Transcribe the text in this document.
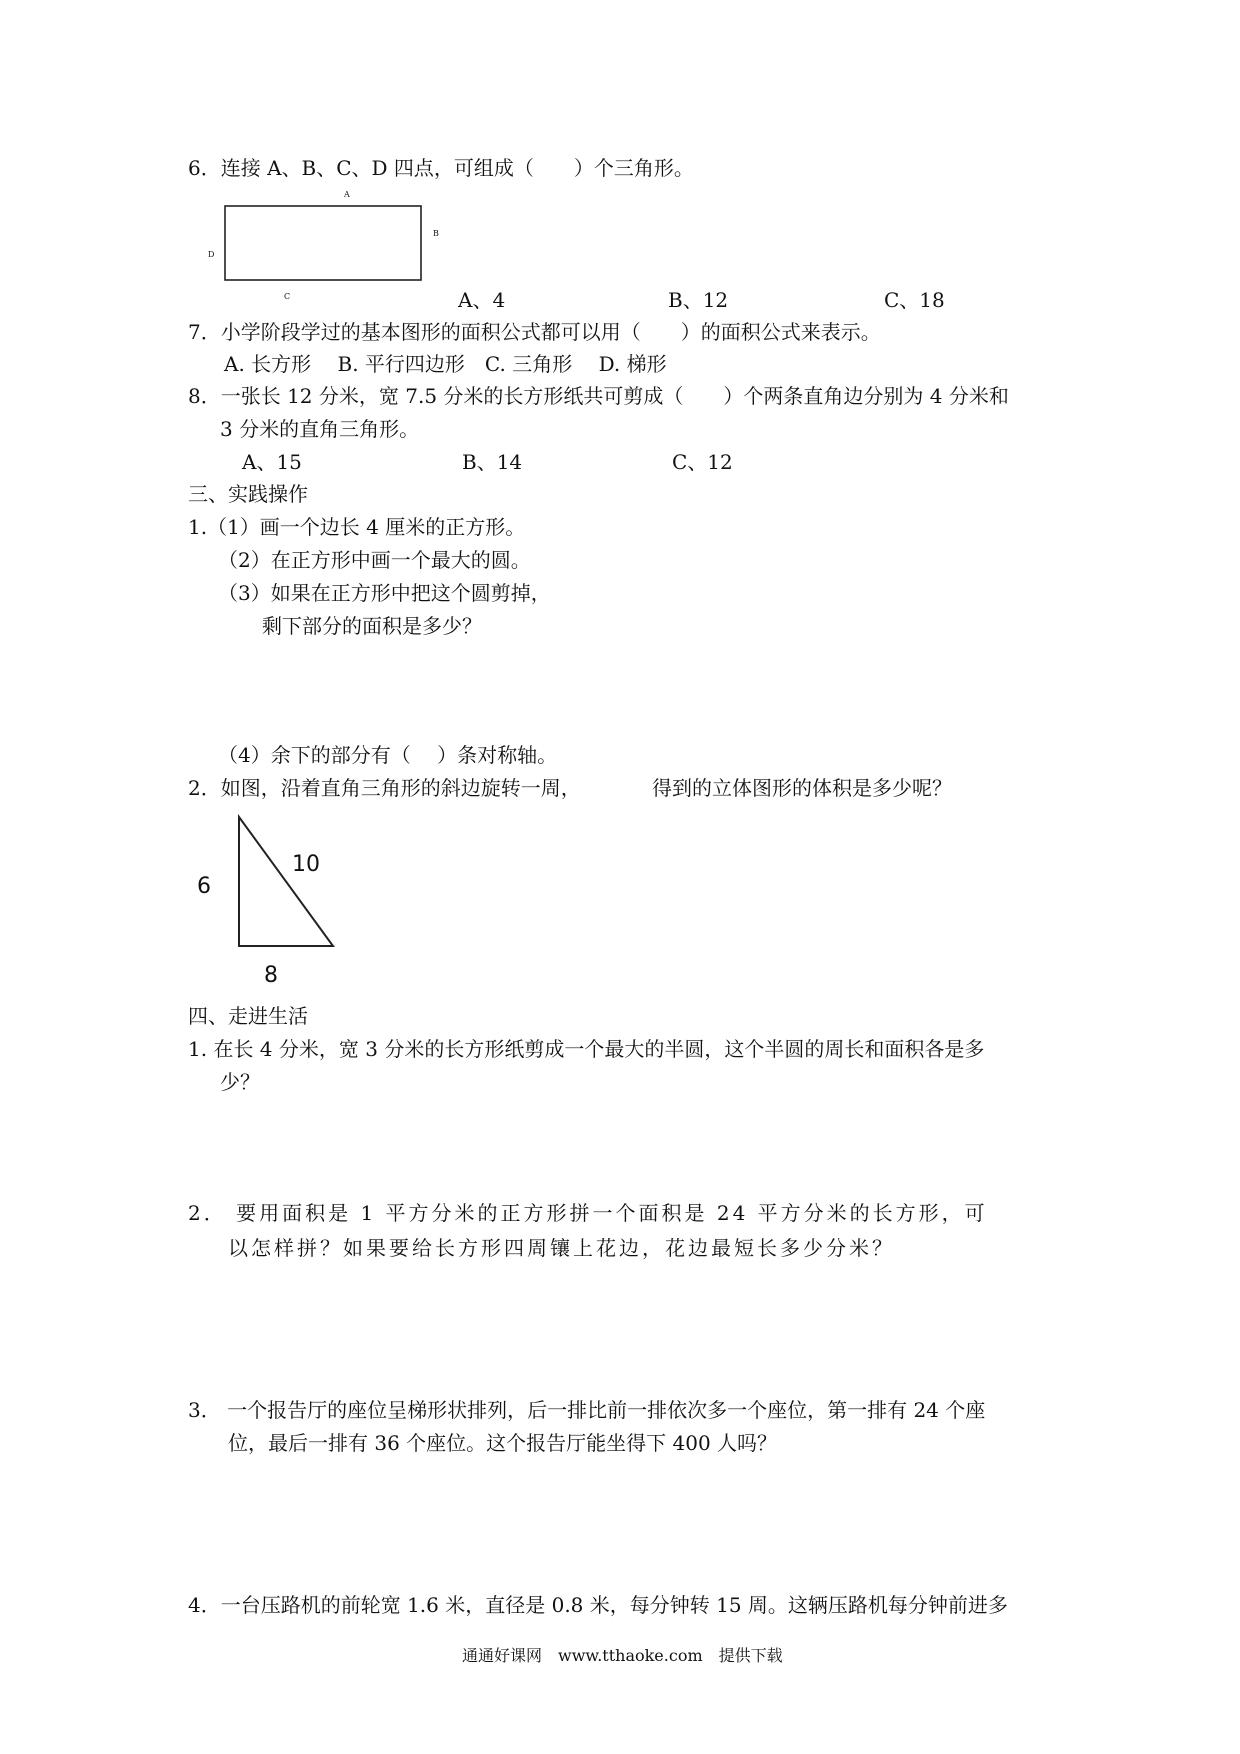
6．连接 A、B、C、D 四点，可组成（　　）个三角形。
A
B
C
D
A、4	B、12	C、18
7．小学阶段学过的基本图形的面积公式都可以用（　　）的面积公式来表示。
A. 长方形　 B. 平行四边形　C. 三角形　 D. 梯形
8．一张长 12 分米，宽 7.5 分米的长方形纸共可剪成（　　）个两条直角边分别为 4 分米和
3 分米的直角三角形。
A、15	B、14	C、12
三、实践操作
1.（1）画一个边长 4 厘米的正方形。
（2）在正方形中画一个最大的圆。
（3）如果在正方形中把这个圆剪掉，
剩下部分的面积是多少？
（4）余下的部分有（　 ）条对称轴。
2．如图，沿着直角三角形的斜边旋转一周，	得到的立体图形的体积是多少呢？
6
10
8
四、走进生活
1. 在长 4 分米，宽 3 分米的长方形纸剪成一个最大的半圆，这个半圆的周长和面积各是多
少？
2． 要用面积是 1 平方分米的正方形拼一个面积是 24 平方分米的长方形，可
以怎样拼？如果要给长方形四周镶上花边，花边最短长多少分米？
3． 一个报告厅的座位呈梯形状排列，后一排比前一排依次多一个座位，第一排有 24 个座
位，最后一排有 36 个座位。这个报告厅能坐得下 400 人吗？
4．一台压路机的前轮宽 1.6 米，直径是 0.8 米，每分钟转 15 周。这辆压路机每分钟前进多
通通好课网　www.tthaoke.com　提供下载
